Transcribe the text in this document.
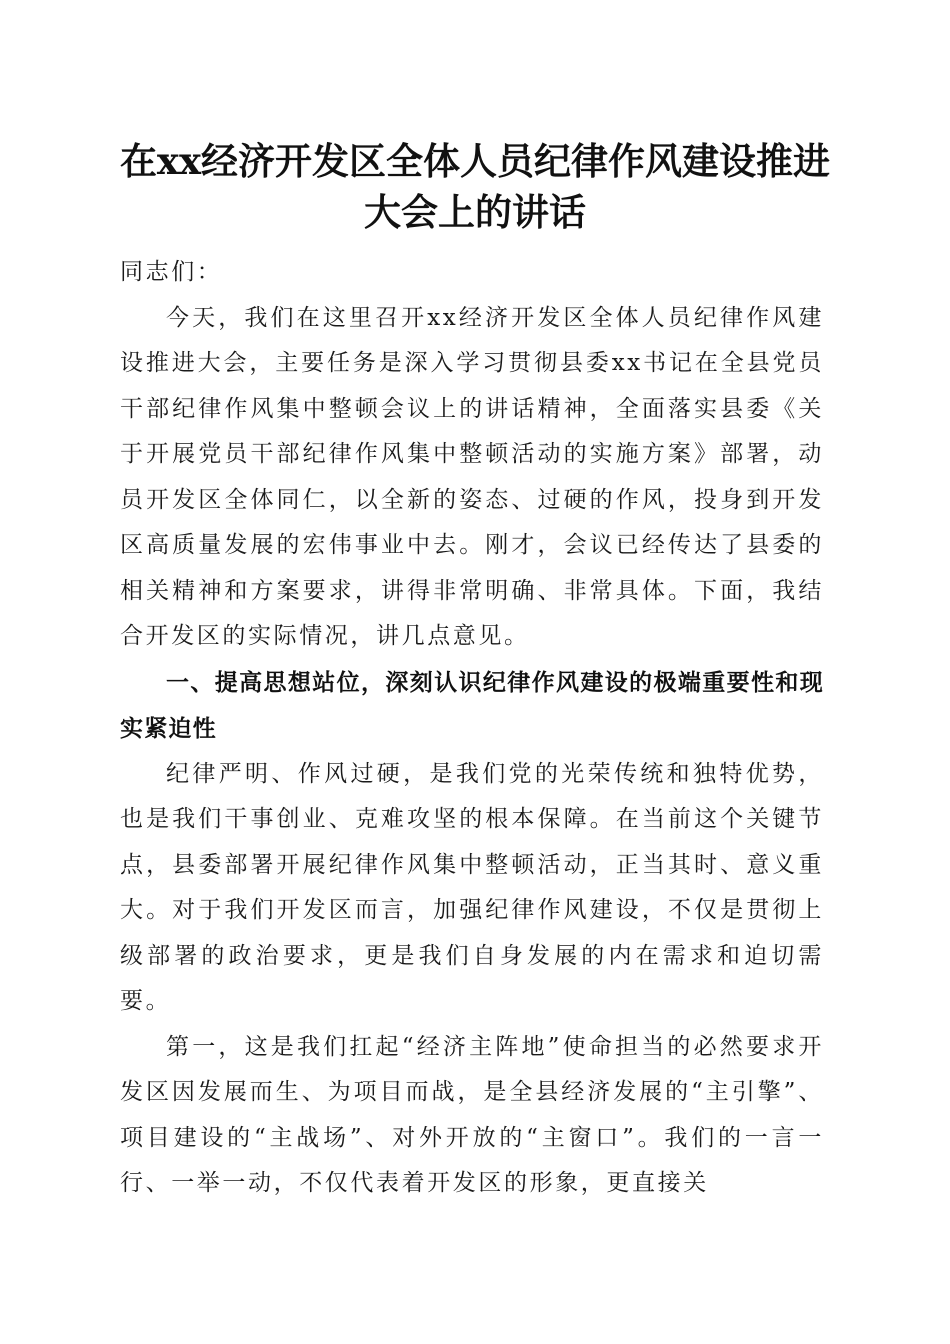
在xx经济开发区全体人员纪律作风建设推进大会上的讲话

同志们：

今天，我们在这里召开xx经济开发区全体人员纪律作风建设推进大会，主要任务是深入学习贯彻县委xx书记在全县党员干部纪律作风集中整顿会议上的讲话精神，全面落实县委《关于开展党员干部纪律作风集中整顿活动的实施方案》部署，动员开发区全体同仁，以全新的姿态、过硬的作风，投身到开发区高质量发展的宏伟事业中去。刚才，会议已经传达了县委的相关精神和方案要求，讲得非常明确、非常具体。下面，我结合开发区的实际情况，讲几点意见。

一、提高思想站位，深刻认识纪律作风建设的极端重要性和现实紧迫性

纪律严明、作风过硬，是我们党的光荣传统和独特优势，也是我们干事创业、克难攻坚的根本保障。在当前这个关键节点，县委部署开展纪律作风集中整顿活动，正当其时、意义重大。对于我们开发区而言，加强纪律作风建设，不仅是贯彻上级部署的政治要求，更是我们自身发展的内在需求和迫切需要。

第一，这是我们扛起“经济主阵地”使命担当的必然要求开发区因发展而生、为项目而战，是全县经济发展的“主引擎”、项目建设的“主战场”、对外开放的“主窗口”。我们的一言一行、一举一动，不仅代表着开发区的形象，更直接关
